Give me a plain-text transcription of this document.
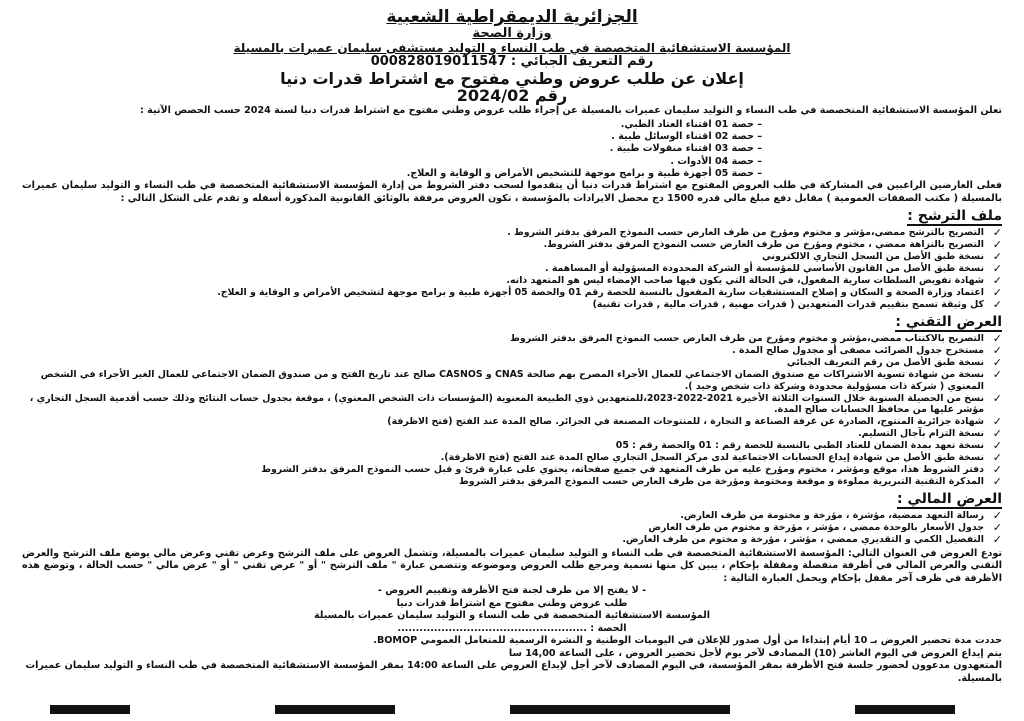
الجزائرية الديمقراطية الشعبية
وزارة الصحة
المؤسسة الاستشفائية المتخصصة في طب النساء و التوليد مستشفى سليمان عميرات بالمسيلة
رقم التعريف الجبائي : 000828019011547
إعلان عن طلب عروض وطني مفتوح مع اشتراط قدرات دنيا
رقم 2024/02
تعلن المؤسسة الاستشفائية المتخصصة في طب النساء و التوليد سليمان عميرات بالمسيلة عن إجراء طلب عروض وطني مفتوح مع اشتراط قدرات دنيا لسنة 2024 حسب الحصص الآتية :
– حصة 01 اقتناء العتاد الطبي.
– حصة 02 اقتناء الوسائل طبية .
– حصة 03 اقتناء منقولات طبية .
– حصة 04 الأدوات .
– حصة 05 أجهزة طبية و برامج موجهة للتشخيص الأمراض و الوقاية و العلاج.
فعلى العارضين الراغبين في المشاركة في طلب العروض المفتوح مع اشتراط قدرات دنيا أن يتقدموا لسحب دفتر الشروط من إدارة المؤسسة الاستشفائية المتخصصة في طب النساء و التوليد سليمان عميرات بالمسيلة ( مكتب الصفقات العمومية ) مقابل دفع مبلغ مالي قدره 1500 دج محصل الايرادات بالمؤسسة ، تكون العروض مرفقة بالوثائق القانونية المذكورة أسفله و تقدم على الشكل التالي :
ملف الترشح :
✓
التصريح بالترشح ممضي،مؤشر و مختوم ومؤرخ من طرف العارض حسب النموذج المرفق بدفتر الشروط .
✓
التصريح بالنزاهة ممضي ، مختوم ومؤرخ من طرف العارض حسب النموذج المرفق بدفتر الشروط.
✓
نسخة طبق الأصل من السجل التجاري الالكتروني
✓
نسخة طبق الأصل من القانون الأساسي للمؤسسة أو الشركة المحدودة المسؤولية أو المساهمة .
✓
شهادة تفويض السلطات سارية المفعول، في الحالة التي يكون فيها صاحب الإمضاء ليس هو المتعهد ذاته.
✓
اعتماد وزارة الصحة و السكان و إصلاح المستشفيات سارية المفعول بالنسبة للحصة رقم 01 والحصة 05 أجهزة طبية و برامج موجهة لتشخيص الأمراض و الوقاية و العلاج.
✓
كل وثيقة تسمح بتقييم قدرات المتعهدين ( قدرات مهنية , قدرات مالية , قدرات تقنية)
العرض التقني :
✓
التصريح بالاكتتاب ممضي،مؤشر و مختوم ومؤرخ من طرف العارض حسب النموذج المرفق بدفتر الشروط
✓
مستخرج جدول الضرائب مصفى أو مجدول صالح المدة .
✓
نسخة طبق الأصل من رقم التعريف الجبائي
✓
نسخة من شهادة تسوية الاشتراكات مع صندوق الضمان الاجتماعي للعمال الأجراء المصرح بهم صالحة CNAS و CASNOS صالح عند تاريخ الفتح و من صندوق الضمان الاجتماعي للعمال الغير الأجراء في الشخص المعنوي ( شركة ذات مسؤولية محدودة وشركة ذات شخص وحيد ).
✓
نسخ من الحصيلة السنوية خلال السنوات الثلاثة الأخيرة 2021-2022-2023،للمتعهدين ذوي الطبيعة المعنوية (المؤسسات ذات الشخص المعنوي) ، موقعة بجدول حساب النتائج وذلك حسب أقدمية السجل التجاري ، مؤشر عليها من محافظ الحسابات صالح المدة.
✓
شهادة جزائرية المنتوج، الصادرة عن غرفة الصناعة و التجارة ، للمنتوجات المصنعة في الجزائر. صالح المدة عند الفتح (فتح الاظرفة)
✓
نسخة التزام بآجال التسليم.
✓
نسخة تعهد بمدة الضمان للعتاد الطبي بالنسبة للحصة رقم : 01 والحصة رقم : 05
✓
نسخة طبق الأصل من شهادة إيداع الحسابات الاجتماعية لدى مركز السجل التجاري صالح المدة عند الفتح (فتح الاظرفة).
✓
دفتر الشروط هذا، موقع ومؤشر ، مختوم ومؤرخ عليه من طرف المتعهد في جميع صفحاته، يحتوي على عبارة قرئ و قبل حسب النموذج المرفق بدفتر الشروط
✓
المذكرة التقنية التبريرية مملوءة و موقعة ومختومة ومؤرخة من طرف العارض حسب النموذج المرفق بدفتر الشروط
العرض المالي :
✓
رسالة التعهد ممضية، مؤشرة ، مؤرخة و مختومة من طرف العارض.
✓
جدول الأسعار بالوحدة ممضي ، مؤشر ، مؤرخة و مختوم من طرف العارض
✓
التفصيل الكمي و التقديري ممضي ، مؤشر ، مؤرخة و مختوم من طرف العارض.
تودع العروض في العنوان التالي: المؤسسة الاستشفائية المتخصصة في طب النساء و التوليد سليمان عميرات بالمسيلة، وتشمل العروض على ملف الترشح وعرض تقني وعرض مالي يوضع ملف الترشح والعرض التقني والعرض المالي في أظرفة منفصلة ومقفلة بإحكام ، يبين كل منها تسمية ومرجع طلب العروض وموضوعه وتتضمن عبارة " ملف الترشح " أو " عرض تقني " أو " عرض مالي " حسب الحالة ، وتوضع هذه الأظرفة في ظرف آخر مقفل بإحكام ويحمل العبارة التالية :
- لا يفتح إلا من طرف لجنة فتح الأظرفة وتقييم العروض -
طلب عروض وطني مفتوح مع اشتراط قدرات دنيا
المؤسسة الاستشفائية المتخصصة في طب النساء و التوليد سليمان عميرات بالمسيلة
الحصة : ....................................................
حددت مدة تحضير العروض بـ 10 أيام إبتداءا من أول صدور للإعلان في اليوميات الوطنية و النشرة الرسمية للمتعامل العمومي BOMOP.
يتم إيداع العروض في اليوم العاشر (10) المصادف لآخر يوم لأجل تحضير العروض ، على الساعة 14,00 سا
المتعهدون مدعوون لحضور جلسة فتح الأظرفة بمقر المؤسسة، في اليوم المصادف لآخر أجل لإيداع العروض على الساعة 14:00 بمقر المؤسسة الاستشفائية المتخصصة في طب النساء و التوليد سليمان عميرات بالمسيلة.
